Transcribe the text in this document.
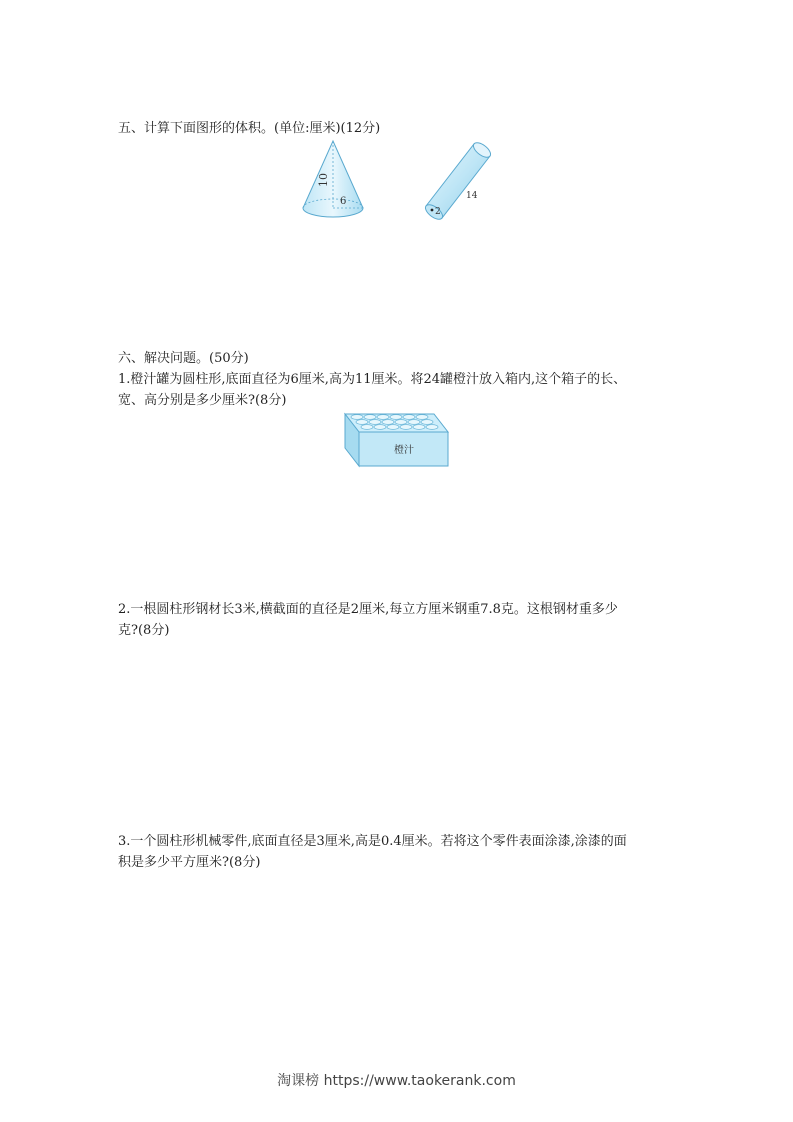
五、计算下面图形的体积。(单位:厘米)(12分)
10
6	14
2
六、解决问题。(50分)
1.橙汁罐为圆柱形,底面直径为6厘米,高为11厘米。将24罐橙汁放入箱内,这个箱子的长、
宽、高分别是多少厘米?(8分)
橙汁
2.一根圆柱形钢材长3米,横截面的直径是2厘米,每立方厘米钢重7.8克。这根钢材重多少
克?(8分)
3.一个圆柱形机械零件,底面直径是3厘米,高是0.4厘米。若将这个零件表面涂漆,涂漆的面
积是多少平方厘米?(8分)
淘课榜 https://www.taokerank.com
